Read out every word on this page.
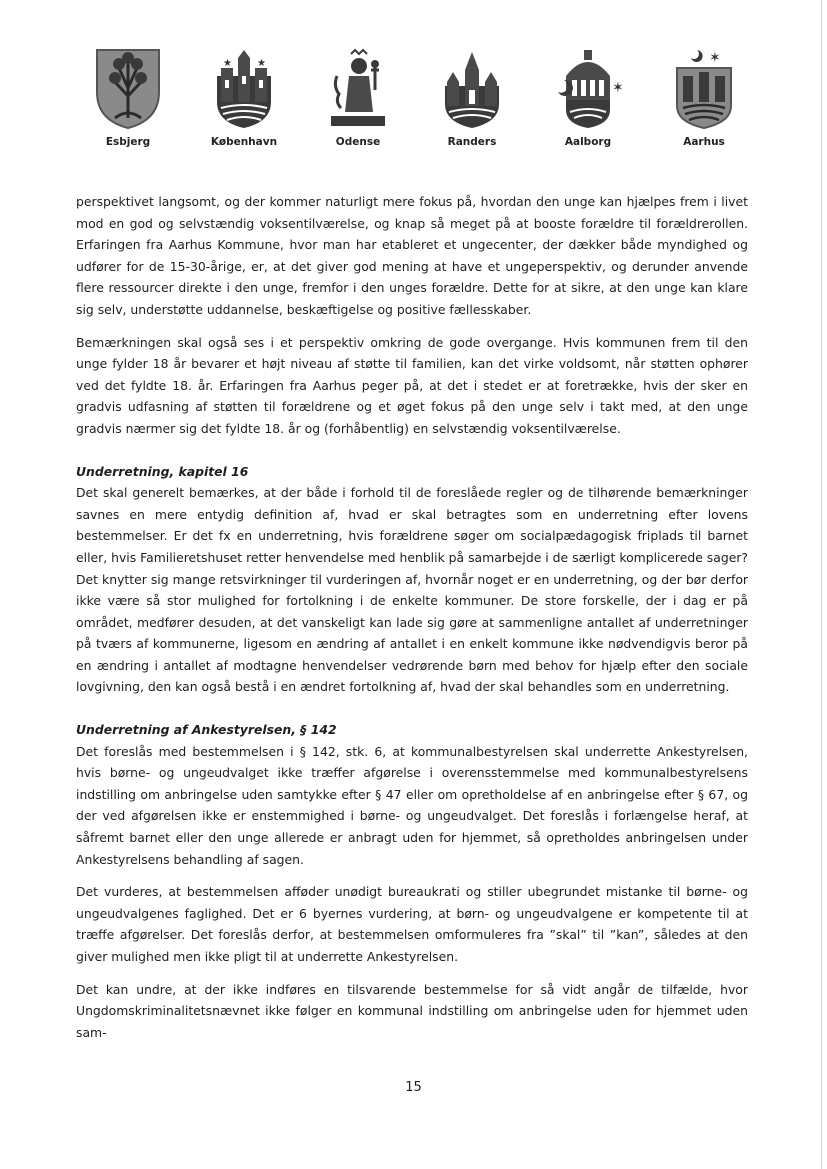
Esbjerg
★	★
København	Odense	Randers
✶
Aalborg
✶
Aarhus

perspektivet langsomt, og der kommer naturligt mere fokus på, hvordan den unge kan hjælpes frem i livet mod en god og selvstændig voksentilværelse, og knap så meget på at booste forældre til forældrerollen. Erfaringen fra Aarhus Kommune, hvor man har etableret et ungecenter, der dækker både myndighed og udfører for de 15-30-årige, er, at det giver god mening at have et ungeperspektiv, og derunder anvende flere ressourcer direkte i den unge, fremfor i den unges forældre. Dette for at sikre, at den unge kan klare sig selv, understøtte uddannelse, beskæftigelse og positive fællesskaber.

Bemærkningen skal også ses i et perspektiv omkring de gode overgange. Hvis kommunen frem til den unge fylder 18 år bevarer et højt niveau af støtte til familien, kan det virke voldsomt, når støtten ophører ved det fyldte 18. år. Erfaringen fra Aarhus peger på, at det i stedet er at foretrække, hvis der sker en gradvis udfasning af støtten til forældrene og et øget fokus på den unge selv i takt med, at den unge gradvis nærmer sig det fyldte 18. år og (forhåbentlig) en selvstændig voksentilværelse.

Underretning, kapitel 16

Det skal generelt bemærkes, at der både i forhold til de foreslåede regler og de tilhørende bemærkninger savnes en mere entydig definition af, hvad er skal betragtes som en underretning efter lovens bestemmelser. Er det fx en underretning, hvis forældrene søger om socialpædagogisk friplads til barnet eller, hvis Familieretshuset retter henvendelse med henblik på samarbejde i de særligt komplicerede sager? Det knytter sig mange retsvirkninger til vurderingen af, hvornår noget er en underretning, og der bør derfor ikke være så stor mulighed for fortolkning i de enkelte kommuner. De store forskelle, der i dag er på området, medfører desuden, at det vanskeligt kan lade sig gøre at sammenligne antallet af underretninger på tværs af kommunerne, ligesom en ændring af antallet i en enkelt kommune ikke nødvendigvis beror på en ændring i antallet af modtagne henvendelser vedrørende børn med behov for hjælp efter den sociale lovgivning, den kan også bestå i en ændret fortolkning af, hvad der skal behandles som en underretning.

Underretning af Ankestyrelsen, § 142

Det foreslås med bestemmelsen i § 142, stk. 6, at kommunalbestyrelsen skal underrette Ankestyrelsen, hvis børne- og ungeudvalget ikke træffer afgørelse i overensstemmelse med kommunalbestyrelsens indstilling om anbringelse uden samtykke efter § 47 eller om opretholdelse af en anbringelse efter § 67, og der ved afgørelsen ikke er enstemmighed i børne- og ungeudvalget. Det foreslås i forlængelse heraf, at såfremt barnet eller den unge allerede er anbragt uden for hjemmet, så opretholdes anbringelsen under Ankestyrelsens behandling af sagen.

Det vurderes, at bestemmelsen afføder unødigt bureaukrati og stiller ubegrundet mistanke til børne- og ungeudvalgenes faglighed. Det er 6 byernes vurdering, at børn- og ungeudvalgene er kompetente til at træffe afgørelser. Det foreslås derfor, at bestemmelsen omformuleres fra ”skal” til ”kan”, således at den giver mulighed men ikke pligt til at underrette Ankestyrelsen.

Det kan undre, at der ikke indføres en tilsvarende bestemmelse for så vidt angår de tilfælde, hvor Ungdomskriminalitetsnævnet ikke følger en kommunal indstilling om anbringelse uden for hjemmet uden sam-

15
